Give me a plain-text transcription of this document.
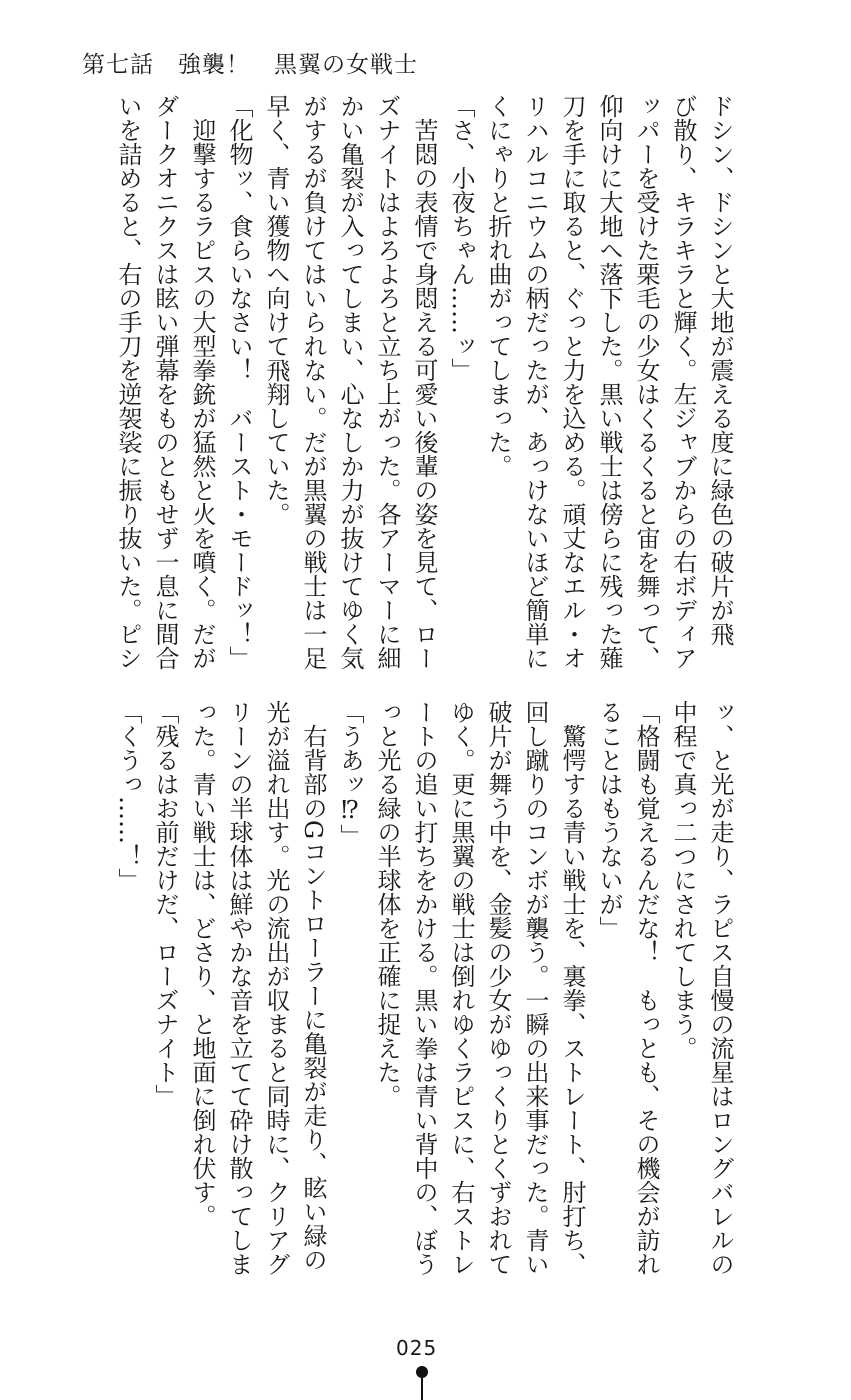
第七話　強襲！　黒翼の女戦士
ドシン、ドシンと大地が震える度に緑色の破片が飛
び散り、キラキラと輝く。左ジャブからの右ボディア
ッパーを受けた栗毛の少女はくるくると宙を舞って、
仰向けに大地へ落下した。黒い戦士は傍らに残った薙
刀を手に取ると、ぐっと力を込める。頑丈なエル・オ
リハルコニウムの柄だったが、あっけないほど簡単に
くにゃりと折れ曲がってしまった。
「さ、小夜ちゃん……ッ」
　苦悶の表情で身悶える可愛い後輩の姿を見て、ロー
ズナイトはよろよろと立ち上がった。各アーマーに細
かい亀裂が入ってしまい、心なしか力が抜けてゆく気
がするが負けてはいられない。だが黒翼の戦士は一足
早く、青い獲物へ向けて飛翔していた。
「化物ッ、食らいなさい！　バースト・モードッ！」
　迎撃するラピスの大型拳銃が猛然と火を噴く。だが
ダークオニクスは眩い弾幕をものともせず一息に間合
いを詰めると、右の手刀を逆袈裟に振り抜いた。ピシ
ッ、と光が走り、ラピス自慢の流星はロングバレルの
中程で真っ二つにされてしまう。
「格闘も覚えるんだな！　もっとも、その機会が訪れ
ることはもうないが」
　驚愕する青い戦士を、裏拳、ストレート、肘打ち、
回し蹴りのコンボが襲う。一瞬の出来事だった。青い
破片が舞う中を、金髪の少女がゆっくりとくずおれて
ゆく。更に黒翼の戦士は倒れゆくラピスに、右ストレ
ートの追い打ちをかける。黒い拳は青い背中の、ぼう
っと光る緑の半球体を正確に捉えた。
「うあッ⁉」
　右背部のGコントローラーに亀裂が走り、眩い緑の
光が溢れ出す。光の流出が収まると同時に、クリアグ
リーンの半球体は鮮やかな音を立てて砕け散ってしま
った。青い戦士は、どさり、と地面に倒れ伏す。
「残るはお前だけだ、ローズナイト」
「くうっ……！」
025
